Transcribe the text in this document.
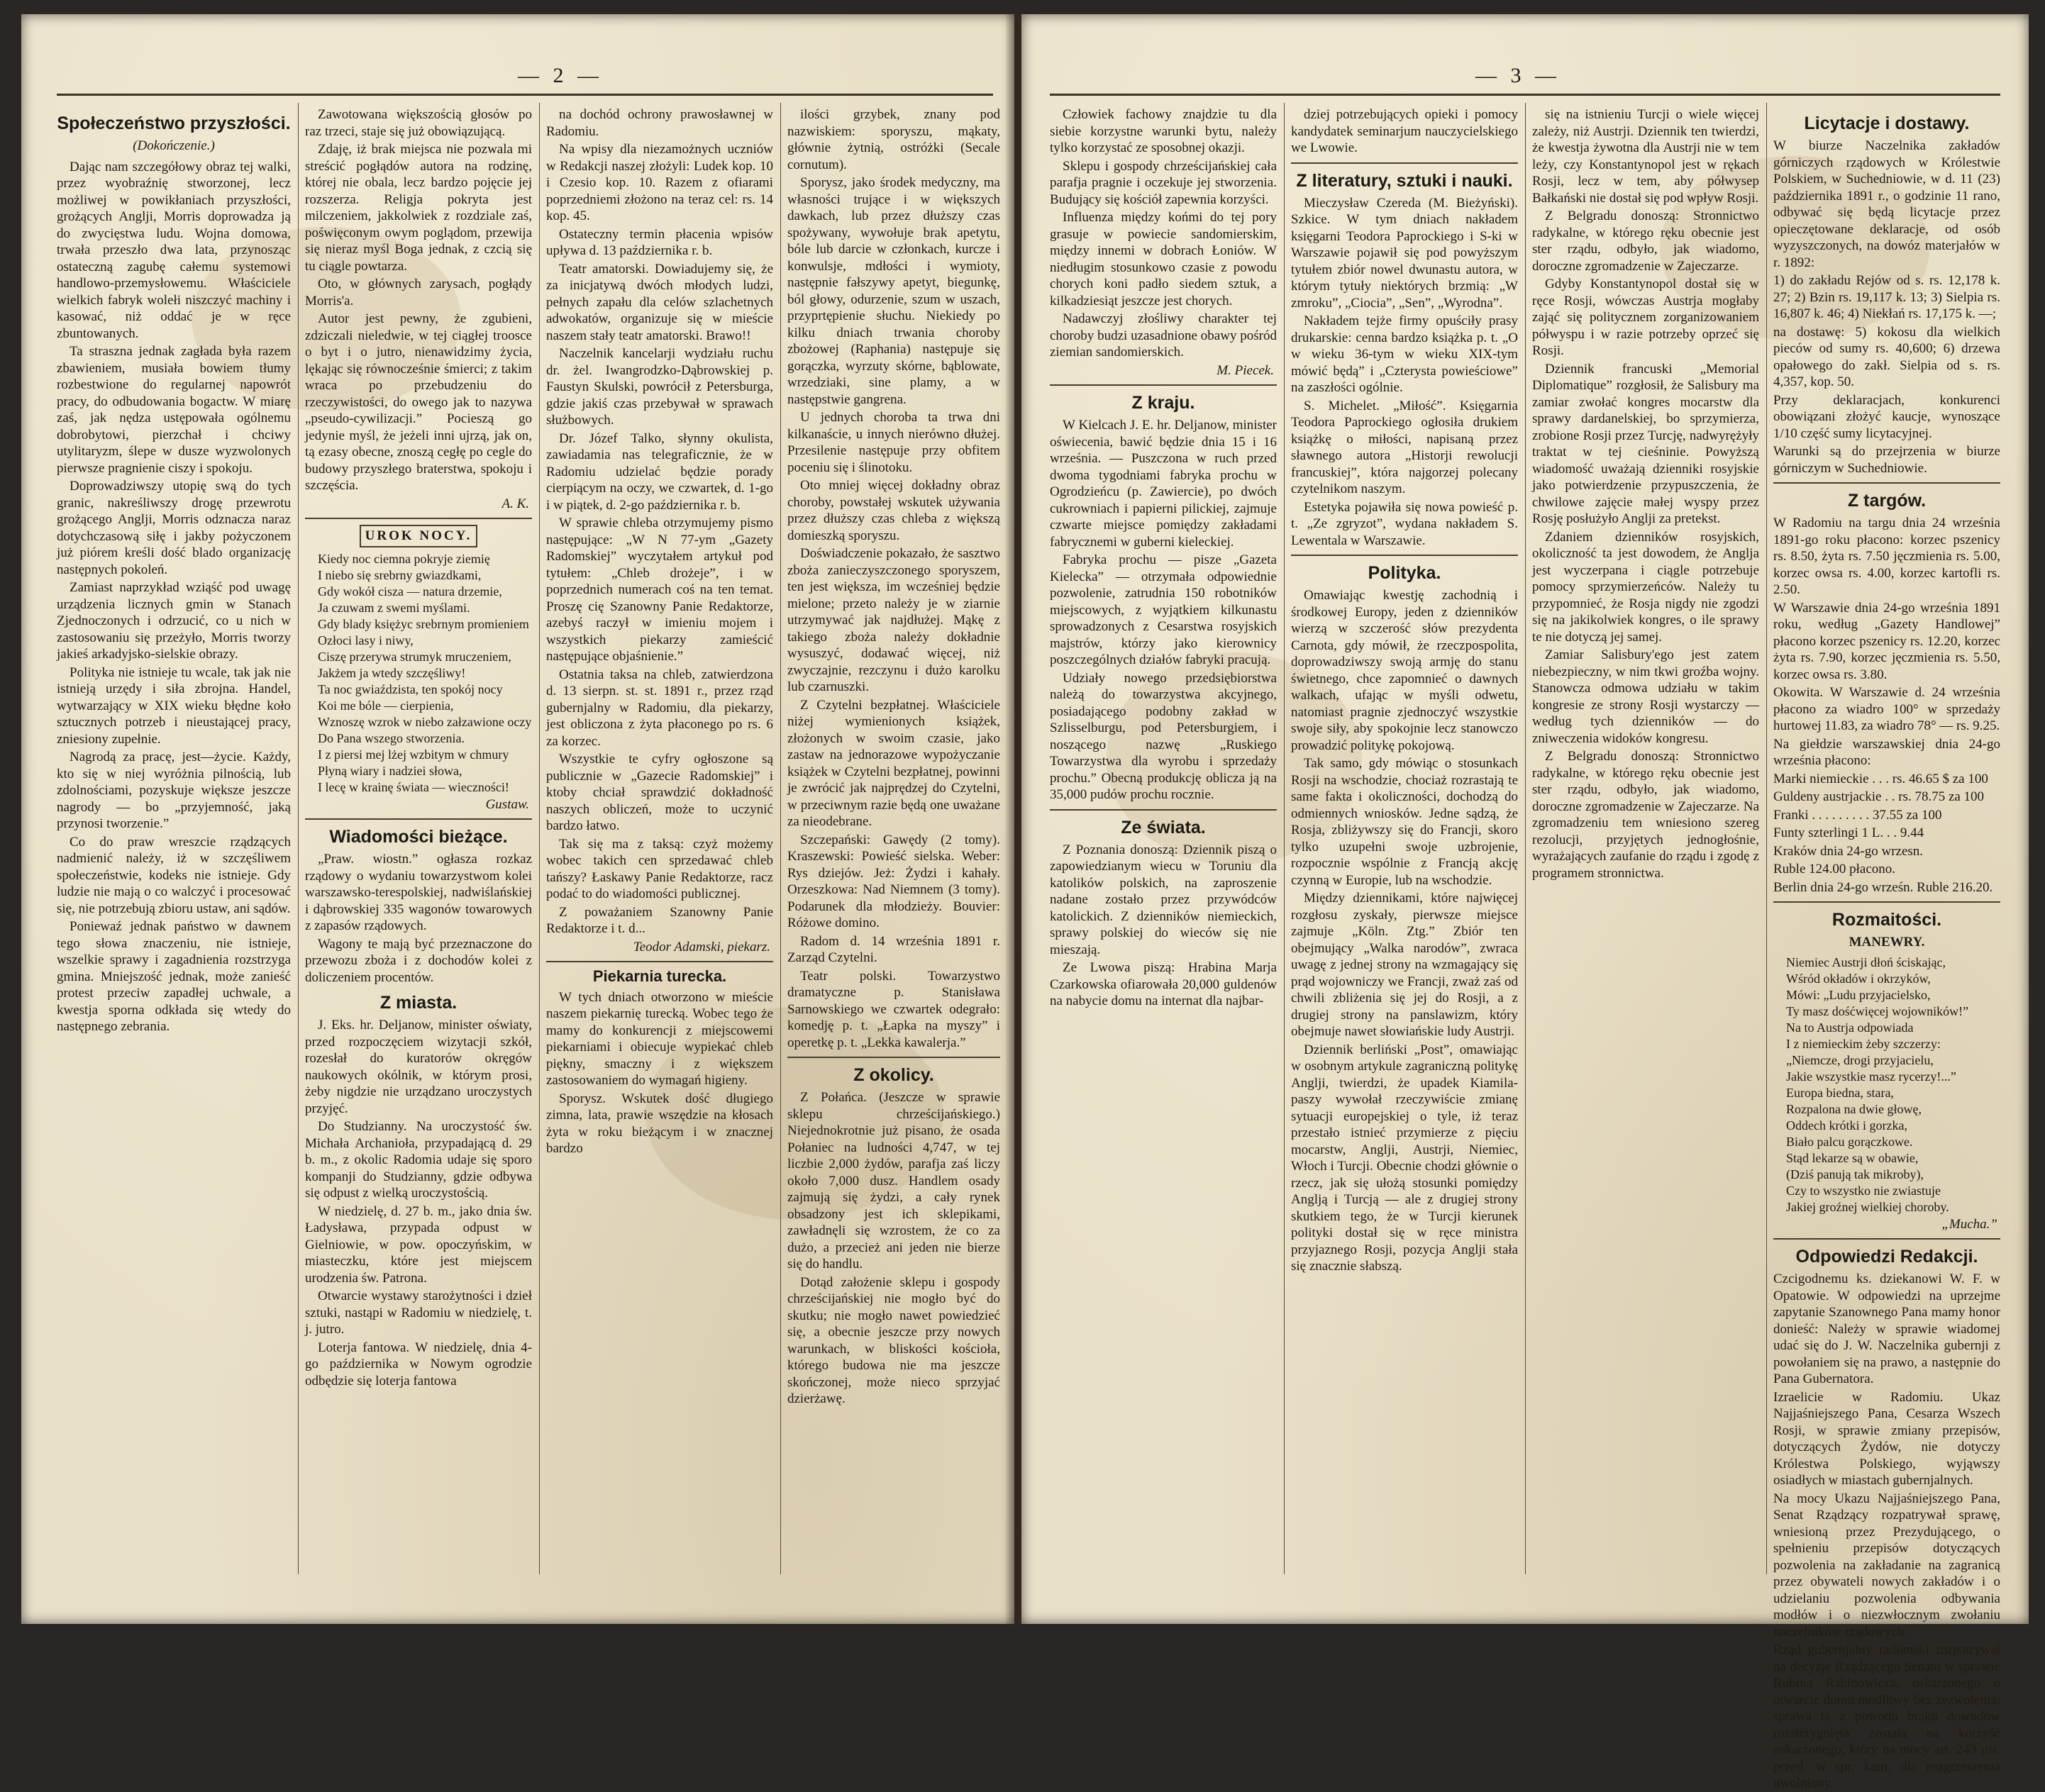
— 2 —
Społeczeństwo przyszłości.
(Dokończenie.)

Dając nam szczegółowy obraz tej walki, przez wyobraźnię stworzonej, lecz możliwej w powikłaniach przyszłości, grożących Anglji, Morris doprowadza ją do zwycięstwa ludu. Wojna domowa, trwała przeszło dwa lata, przynosząc ostateczną zagubę całemu systemowi handlowo-przemysłowemu. Właściciele wielkich fabryk wolełi niszczyć machiny i kasować, niż oddać je w ręce zbuntowanych.

Ta straszna jednak zagłada była razem zbawieniem, musiała bowiem tłumy rozbestwione do regularnej napowrót pracy, do odbudowania bogactw. W miarę zaś, jak nędza ustępowała ogólnemu dobrobytowi, pierzchał i chciwy utylitaryzm, ślepe w dusze wyzwolonych pierwsze pragnienie ciszy i spokoju.

Doprowadziwszy utopię swą do tych granic, nakreśliwszy drogę przewrotu grożącego Anglji, Morris odznacza naraz dotychczasową siłę i jakby pożyczonem już piórem kreśli dość blado organizację następnych pokoleń.

Zamiast naprzykład wziąść pod uwagę urządzenia licznych gmin w Stanach Zjednoczonych i odrzucić, co u nich w zastosowaniu się przeżyło, Morris tworzy jakieś arkadyjsko-sielskie obrazy.

Polityka nie istnieje tu wcale, tak jak nie istnieją urzędy i siła zbrojna. Handel, wytwarzający w XIX wieku błędne koło sztucznych potrzeb i nieustającej pracy, zniesiony zupełnie.

Nagrodą za pracę, jest—życie. Każdy, kto się w niej wyróżnia pilnością, lub zdolnościami, pozyskuje większe jeszcze nagrody — bo „przyjemność, jaką przynosi tworzenie.”

Co do praw wreszcie rządzących nadmienić należy, iż w szczęśliwem społeczeństwie, kodeks nie istnieje. Gdy ludzie nie mają o co walczyć i procesować się, nie potrzebują zbioru ustaw, ani sądów.

Poniewaź jednak państwo w dawnem tego słowa znaczeniu, nie istnieje, wszelkie sprawy i zagadnienia rozstrzyga gmina. Mniejszość jednak, może zanieść protest przeciw zapadłej uchwale, a kwestja sporna odkłada się wtedy do następnego zebrania.

Zawotowana większością głosów po raz trzeci, staje się już obowiązującą.

Zdaję, iż brak miejsca nie pozwala mi streścić pogłądów autora na rodzinę, której nie obala, lecz bardzo pojęcie jej rozszerza. Religja pokryta jest milczeniem, jakkolwiek z rozdziale zaś, poświęconym owym poglądom, przewija się nieraz myśl Boga jednak, z czcią się tu ciągle powtarza.

Oto, w głównych zarysach, pogłądy Morris'a.

Autor jest pewny, że zgubieni, zdziczali nieledwie, w tej ciągłej troosce o byt i o jutro, nienawidzimy życia, lękając się równocześnie śmierci; z takim wraca po przebudzeniu do rzeczywistości, do owego jak to nazywa „pseudo-cywilizacji.” Pocieszą go jedynie myśl, że jeżeli inni ujrzą, jak on, tą ezasy obecne, znoszą cegłę po cegle do budowy przyszłego braterstwa, spokoju i szczęścia.

A. K.
UROK NOCY.

Kiedy noc ciemna pokryje ziemię

I niebo się srebrny gwiazdkami,

Gdy wokół cisza — natura drzemie,

Ja czuwam z swemi myślami.

Gdy blady księżyc srebrnym promieniem

Ozłoci lasy i niwy,

Ciszę przerywa strumyk mruczeniem,

Jakżem ja wtedy szczęśliwy!

Ta noc gwiaździsta, ten spokój nocy

Koi me bóle — cierpienia,

Wznoszę wzrok w niebo załzawione oczy

Do Pana wszego stworzenia.

I z piersi mej lżej wzbitym w chmury

Płyną wiary i nadziei słowa,

I lecę w krainę świata — wieczności!

Gustaw.
Wiadomości bieżące.

„Praw. wiostn.” ogłasza rozkaz rządowy o wydaniu towarzystwom kolei warszawsko-terespolskiej, nadwiślańskiej i dąbrowskiej 335 wagonów towarowych z zapasów rządowych.

Wagony te mają być przeznaczone do przewozu zboża i z dochodów kolei z doliczeniem procentów.

Z miasta.

J. Eks. hr. Deljanow, minister oświaty, przed rozpoczęciem wizytacji szkół, rozesłał do kuratorów okręgów naukowych okólnik, w którym prosi, żeby nigdzie nie urządzano uroczystych przyjęć.

Do Studzianny. Na uroczystość św. Michała Archanioła, przypadającą d. 29 b. m., z okolic Radomia udaje się sporo kompanji do Studzianny, gdzie odbywa się odpust z wielką uroczystością.

W niedzielę, d. 27 b. m., jako dnia św. Ładysława, przypada odpust w Gielniowie, w pow. opoczyńskim, w miasteczku, które jest miejscem urodzenia św. Patrona.

Otwarcie wystawy starożytności i dzieł sztuki, nastąpi w Radomiu w niedzielę, t. j. jutro.

Loterja fantowa. W niedzielę, dnia 4-go października w Nowym ogrodzie odbędzie się loterja fantowa

na dochód ochrony prawosławnej w Radomiu.

Na wpisy dla niezamożnych uczniów w Redakcji naszej złożyli: Ludek kop. 10 i Czesio kop. 10. Razem z ofiarami poprzedniemi złożono na teraz cel: rs. 14 kop. 45.

Ostateczny termin płacenia wpisów upływa d. 13 października r. b.

Teatr amatorski. Dowiadujemy się, że za inicjatywą dwóch młodych ludzi, pełnych zapału dla celów szlachetnych adwokatów, organizuje się w mieście naszem stały teatr amatorski. Brawo!!

Naczelnik kancelarji wydziału ruchu dr. żel. Iwangrodzko-Dąbrowskiej p. Faustyn Skulski, powrócił z Petersburga, gdzie jakiś czas przebywał w sprawach służbowych.

Dr. Józef Talko, słynny okulista, zawiadamia nas telegraficznie, że w Radomiu udzielać będzie porady cierpiącym na oczy, we czwartek, d. 1-go i w piątek, d. 2-go października r. b.

W sprawie chleba otrzymujemy pismo następujące: „W N 77-ym „Gazety Radomskiej” wyczytałem artykuł pod tytułem: „Chleb drożeje”, i w poprzednich numerach coś na ten temat. Proszę cię Szanowny Panie Redaktorze, azebyś raczył w imieniu mojem i wszystkich piekarzy zamieścić następujące objaśnienie.”

Ostatnia taksa na chleb, zatwierdzona d. 13 sierpn. st. st. 1891 r., przez rząd gubernjalny w Radomiu, dla piekarzy, jest obliczona z żyta płaconego po rs. 6 za korzec.

Wszystkie te cyfry ogłoszone są publicznie w „Gazecie Radomskiej” i ktoby chciał sprawdzić dokładność naszych obliczeń, może to uczynić bardzo łatwo.

Tak się ma z taksą: czyż możemy wobec takich cen sprzedawać chleb tańszy? Łaskawy Panie Redaktorze, racz podać to do wiadomości publicznej.

Z poważaniem Szanowny Panie Redaktorze i t. d...

Teodor Adamski, piekarz.
Piekarnia turecka.

W tych dniach otworzono w mieście naszem piekarnię turecką. Wobec tego że mamy do konkurencji z miejscowemi piekarniami i obiecuje wypiekać chleb piękny, smaczny i z większem zastosowaniem do wymagań higieny.

Sporysz. Wskutek dość długiego zimna, lata, prawie wszędzie na kłosach żyta w roku bieżącym i w znacznej bardzo

ilości grzybek, znany pod nazwiskiem: sporyszu, mąkaty, głównie żytnią, ostróżki (Secale cornutum).

Sporysz, jako środek medyczny, ma własności trujące i w większych dawkach, lub przez dłuższy czas spożywany, wywołuje brak apetytu, bóle lub darcie w członkach, kurcze i konwulsje, mdłości i wymioty, następnie fałszywy apetyt, biegunkę, ból głowy, odurzenie, szum w uszach, przyprtępienie słuchu. Niekiedy po kilku dniach trwania choroby zbożowej (Raphania) następuje się gorączka, wyrzuty skórne, bąblowate, wrzedziaki, sine plamy, a w następstwie gangrena.

U jednych choroba ta trwa dni kilkanaście, u innych nierówno dłużej. Przesilenie następuje przy obfitem poceniu się i ślinotoku.

Oto mniej więcej dokładny obraz choroby, powstałej wskutek używania przez dłuższy czas chleba z większą domieszką sporyszu.

Doświadczenie pokazało, że sasztwo zboża zanieczyszczonego sporyszem, ten jest większa, im wcześniej będzie mielone; przeto należy je w ziarnie utrzymywać jak najdłużej. Mąkę z takiego zboża należy dokładnie wysuszyć, dodawać więcej, niż zwyczajnie, rezczynu i dużo karolku lub czarnuszki.

Z Czytelni bezpłatnej. Właściciele niżej wymienionych książek, złożonych w swoim czasie, jako zastaw na jednorazowe wypożyczanie książek w Czytelni bezpłatnej, powinni je zwrócić jak najprędzej do Czytelni, w przeciwnym razie będą one uważane za nieodebrane.

Szczepański: Gawędy (2 tomy). Kraszewski: Powieść sielska. Weber: Rys dziejów. Jeż: Żydzi i kahały. Orzeszkowa: Nad Niemnem (3 tomy). Podarunek dla młodzieży. Bouvier: Różowe domino.

Radom d. 14 września 1891 r. Zarząd Czytelni.

Teatr polski. Towarzystwo dramatyczne p. Stanisława Sarnowskiego we czwartek odegrało: komedję p. t. „Łapka na myszy” i operetkę p. t. „Lekka kawalerja.”

Z okolicy.

Z Połańca. (Jeszcze w sprawie sklepu chrześcijańskiego.) Niejednokrotnie już pisano, że osada Połaniec na ludności 4,747, w tej liczbie 2,000 żydów, parafja zaś liczy około 7,000 dusz. Handlem osady zajmują się żydzi, a cały rynek obsadzony jest ich sklepikami, zawładnęli się wzrostem, że co za dużo, a przecież ani jeden nie bierze się do handlu.

Dotąd założenie sklepu i gospody chrześcijańskiej nie mogło być do skutku; nie mogło nawet powiedzieć się, a obecnie jeszcze przy nowych warunkach, w bliskości kościoła, którego budowa nie ma jeszcze skończonej, może nieco sprzyjać dzierżawę.

— 3 —

Człowiek fachowy znajdzie tu dla siebie korzystne warunki bytu, należy tylko korzystać ze sposobnej okazji.

Sklepu i gospody chrześcijańskiej cała parafja pragnie i oczekuje jej stworzenia. Budujący się kościół zapewnia korzyści.

Influenza między końmi do tej pory grasuje w powiecie sandomierskim, między innemi w dobrach Łoniów. W niedługim stosunkowo czasie z powodu chorych koni padło siedem sztuk, a kilkadziesiąt jeszcze jest chorych.

Nadawczyj złośliwy charakter tej choroby budzi uzasadnione obawy pośród ziemian sandomierskich.

M. Piecek.
Z kraju.

W Kielcach J. E. hr. Deljanow, minister oświecenia, bawić będzie dnia 15 i 16 września. — Puszczona w ruch przed dwoma tygodniami fabryka prochu w Ogrodzieńcu (p. Zawiercie), po dwóch cukrowniach i papierni pilickiej, zajmuje czwarte miejsce pomiędzy zakładami fabrycznemi w guberni kieleckiej.

Fabryka prochu — pisze „Gazeta Kielecka” — otrzymała odpowiednie pozwolenie, zatrudnia 150 robotników miejscowych, z wyjątkiem kilkunastu sprowadzonych z Cesarstwa rosyjskich majstrów, którzy jako kierownicy poszczególnych działów fabryki pracują.

Udziały nowego przedsiębiorstwa należą do towarzystwa akcyjnego, posiadającego podobny zakład w Szlisselburgu, pod Petersburgiem, i noszącego nazwę „Ruskiego Towarzystwa dla wyrobu i sprzedaży prochu.” Obecną produkcję oblicza ją na 35,000 pudów prochu rocznie.

Ze świata.

Z Poznania donoszą: Dziennik piszą o zapowiedzianym wiecu w Toruniu dla katolików polskich, na zaproszenie nadane zostało przez przywódców katolickich. Z dzienników niemieckich, sprawy polskiej do wieców się nie mieszają.

Ze Lwowa piszą: Hrabina Marja Czarkowska ofiarowała 20,000 guldenów na nabycie domu na internat dla najbar-

dziej potrzebujących opieki i pomocy kandydatek seminarjum nauczycielskiego we Lwowie.

Z literatury, sztuki i nauki.

Mieczysław Czereda (M. Bieżyński). Szkice. W tym dniach nakładem księgarni Teodora Paprockiego i S-ki w Warszawie pojawił się pod powyższym tytułem zbiór nowel dwunastu autora, w którym tytuły niektórych brzmią: „W zmroku”, „Ciocia”, „Sen”, „Wyrodna”.

Nakładem tejże firmy opuściły prasy drukarskie: cenna bardzo książka p. t. „O w wieku 36-tym w wieku XIX-tym mówić będą” i „Czterysta powieściowe” na zaszłości ogólnie.

S. Michelet. „Miłość”. Księgarnia Teodora Paprockiego ogłosiła drukiem książkę o miłości, napisaną przez sławnego autora „Historji rewolucji francuskiej”, która najgorzej polecany czytelnikom naszym.

Estetyka pojawiła się nowa powieść p. t. „Ze zgryzot”, wydana nakładem S. Lewentala w Warszawie.

Polityka.

Omawiając kwestję zachodnią i środkowej Europy, jeden z dzienników wierzą w szczerość słów prezydenta Carnota, gdy mówił, że rzeczpospolita, doprowadziwszy swoją armję do stanu świetnego, chce zapomnieć o dawnych walkach, ufając w myśli odwetu, natomiast pragnie zjednoczyć wszystkie swoje siły, aby spokojnie lecz stanowczo prowadzić politykę pokojową.

Tak samo, gdy mówiąc o stosunkach Rosji na wschodzie, chociaż rozrastają te same fakta i okoliczności, dochodzą do odmiennych wniosków. Jedne sądzą, że Rosja, zbliżywszy się do Francji, skoro tylko uzupełni swoje uzbrojenie, rozpocznie wspólnie z Francją akcję czynną w Europie, lub na wschodzie.

Między dziennikami, które najwięcej rozgłosu zyskały, pierwsze miejsce zajmuje „Köln. Ztg.” Zbiór ten obejmujący „Walka narodów”, zwraca uwagę z jednej strony na wzmagający się prąd wojowniczy we Francji, zważ zaś od chwili zbliżenia się jej do Rosji, a z drugiej strony na panslawizm, który obejmuje nawet słowiańskie ludy Austrji.

Dziennik berliński „Post”, omawiając w osobnym artykule zagraniczną politykę Anglji, twierdzi, że upadek Kiamila-paszy wywołał rzeczywiście zmianę sytuacji europejskiej o tyle, iż teraz przestało istnieć przymierze z pięciu mocarstw, Anglji, Austrji, Niemiec, Włoch i Turcji. Obecnie chodzi głównie o rzecz, jak się ułożą stosunki pomiędzy Anglją i Turcją — ale z drugiej strony skutkiem tego, że w Turcji kierunek polityki dostał się w ręce ministra przyjaznego Rosji, pozycja Anglji stała się znacznie słabszą.

się na istnieniu Turcji o wiele więcej zależy, niż Austrji. Dziennik ten twierdzi, że kwestja żywotna dla Austrji nie w tem leży, czy Konstantynopol jest w rękach Rosji, lecz w tem, aby półwysep Bałkański nie dostał się pod wpływ Rosji.

Z Belgradu donoszą: Stronnictwo radykalne, w którego ręku obecnie jest ster rządu, odbyło, jak wiadomo, doroczne zgromadzenie w Zajeczarze.

Gdyby Konstantynopol dostał się w ręce Rosji, wówczas Austrja mogłaby zająć się politycznem zorganizowaniem półwyspu i w razie potrzeby oprzeć się Rosji.

Dziennik francuski „Memorial Diplomatique” rozgłosił, że Salisbury ma zamiar zwołać kongres mocarstw dla sprawy dardanelskiej, bo sprzymierza, zrobione Rosji przez Turcję, nadwyrężyły traktat w tej cieśninie. Powyższą wiadomość uważają dzienniki rosyjskie jako potwierdzenie przypuszczenia, że chwilowe zajęcie małej wyspy przez Rosję posłużyło Anglji za pretekst.

Zdaniem dzienników rosyjskich, okoliczność ta jest dowodem, że Anglja jest wyczerpana i ciągle potrzebuje pomocy sprzymierzeńców. Należy tu przypomnieć, że Rosja nigdy nie zgodzi się na jakikolwiek kongres, o ile sprawy te nie dotyczą jej samej.

Zamiar Salisbury'ego jest zatem niebezpieczny, w nim tkwi groźba wojny. Stanowcza odmowa udziału w takim kongresie ze strony Rosji wystarczy — według tych dzienników — do zniweczenia widoków kongresu.

Z Belgradu donoszą: Stronnictwo radykalne, w którego ręku obecnie jest ster rządu, odbyło, jak wiadomo, doroczne zgromadzenie w Zajeczarze. Na zgromadzeniu tem wniesiono szereg rezolucji, przyjętych jednogłośnie, wyrażających zaufanie do rządu i zgodę z programem stronnictwa.

Licytacje i dostawy.

W biurze Naczelnika zakładów górniczych rządowych w Królestwie Polskiem, w Suchedniowie, w d. 11 (23) października 1891 r., o godzinie 11 rano, odbywać się będą licytacje przez opieczętowane deklaracje, od osób wyzyszczonych, na dowóz materjałów w r. 1892:

1) do zakładu Rejów od s. rs. 12,178 k. 27; 2) Bzin rs. 19,117 k. 13; 3) Sielpia rs. 16,807 k. 46; 4) Niekłań rs. 17,175 k. —;

na dostawę: 5) kokosu dla wielkich pieców od sumy rs. 40,600; 6) drzewa opałowego do zakł. Sielpia od s. rs. 4,357, kop. 50.

Przy deklaracjach, konkurenci obowiązani złożyć kaucje, wynoszące 1/10 część sumy licytacyjnej.

Warunki są do przejrzenia w biurze górniczym w Suchedniowie.

Z targów.

W Radomiu na targu dnia 24 września 1891-go roku płacono: korzec pszenicy rs. 8.50, żyta rs. 7.50 jęczmienia rs. 5.00, korzec owsa rs. 4.00, korzec kartofli rs. 2.50.

W Warszawie dnia 24-go września 1891 roku, według „Gazety Handlowej” płacono korzec pszenicy rs. 12.20, korzec żyta rs. 7.90, korzec jęczmienia rs. 5.50, korzec owsa rs. 3.80.

Okowita. W Warszawie d. 24 września płacono za wiadro 100° w sprzedaży hurtowej 11.83, za wiadro 78° — rs. 9.25.

Na giełdzie warszawskiej dnia 24-go września płacono:

Marki niemieckie . . . rs. 46.65 $ za 100

Guldeny austrjackie . . rs. 78.75 za 100

Franki . . . . . . . . . 37.55 za 100

Funty szterlingi 1 L. . . 9.44

Kraków dnia 24-go wrzesn.

Ruble 124.00 płacono.

Berlin dnia 24-go wrześn. Ruble 216.20.

Rozmaitości.
MANEWRY.

Niemiec Austrji dłoń ściskając,

Wśród okładów i okrzyków,

Mówi: „Ludu przyjacielsko,

Ty masz dośćwięcej wojowników!”

Na to Austrja odpowiada

I z niemieckim żeby szczerzy:

„Niemcze, drogi przyjacielu,

Jakie wszystkie masz rycerzy!...”

Europa biedna, stara,

Rozpalona na dwie głowę,

Oddech krótki i gorzka,

Biało palcu gorączkowe.

Stąd lekarze są w obawie,

(Dziś panują tak mikroby),

Czy to wszystko nie zwiastuje

Jakiej groźnej wielkiej choroby.

„Mucha.”
Odpowiedzi Redakcji.

Czcigodnemu ks. dziekanowi W. F. w Opatowie. W odpowiedzi na uprzejme zapytanie Szanownego Pana mamy honor donieść: Należy w sprawie wiadomej udać się do J. W. Naczelnika gubernji z powołaniem się na prawo, a następnie do Pana Gubernatora.

Izraelicie w Radomiu. Ukaz Najjaśniejszego Pana, Cesarza Wszech Rosji, w sprawie zmiany przepisów, dotyczących Żydów, nie dotyczy Królestwa Polskiego, wyjąwszy osiadłych w miastach gubernjalnych.

Na mocy Ukazu Najjaśniejszego Pana, Senat Rządzący rozpatrywał sprawę, wniesioną przez Prezydującego, o spełnieniu przepisów dotyczących pozwolenia na zakładanie na zagranicą przez obywateli nowych zakładów i o udzielaniu pozwolenia odbywania modłów i o niezwłocznym zwołaniu naczelników rządowych.

Rząd gubernjalny radomski rozpatrywał na decyzje Rządzącego Senatu w sprawie Rubina Rabinowicza, oskarżonego o otwarcie domu modlitwy bez zezwolenia; sprawa ta z powodu braku dowodów rozstrzygnięta została na korzyść oskarżonego, który na mocy art. 243 ust. przed. w spr. karn. dla rozgrzeszenia uwolniony.
